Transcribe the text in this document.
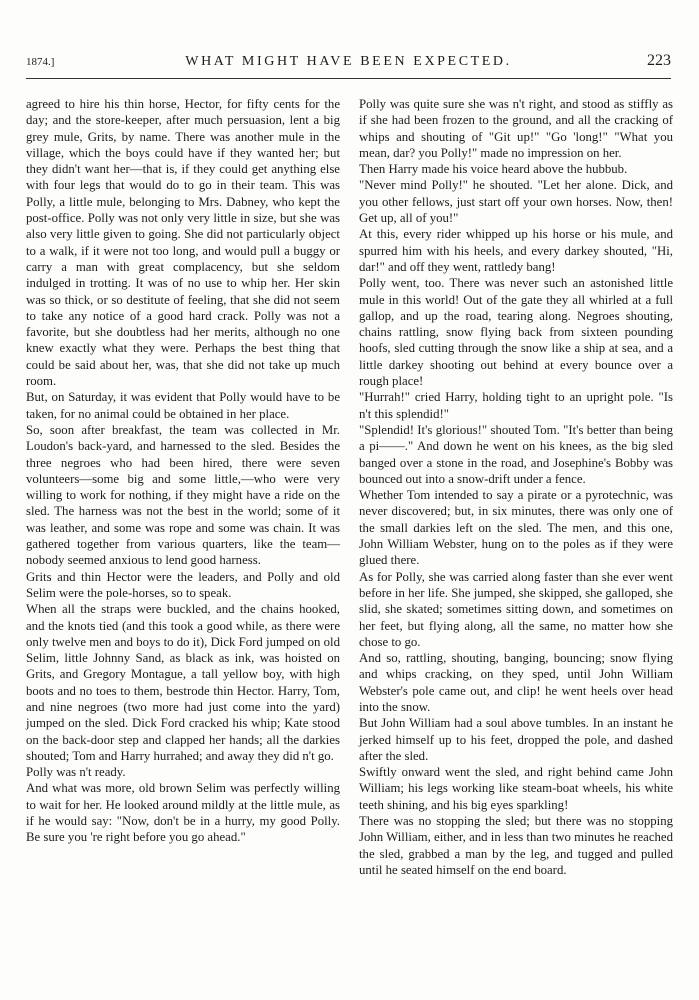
1874.]	WHAT MIGHT HAVE BEEN EXPECTED.	223

agreed to hire his thin horse, Hector, for fifty cents for the day; and the store-keeper, after much persuasion, lent a big grey mule, Grits, by name. There was another mule in the village, which the boys could have if they wanted her; but they didn't want her—that is, if they could get anything else with four legs that would do to go in their team. This was Polly, a little mule, belonging to Mrs. Dabney, who kept the post-office. Polly was not only very little in size, but she was also very little given to going. She did not particularly object to a walk, if it were not too long, and would pull a buggy or carry a man with great complacency, but she seldom indulged in trotting. It was of no use to whip her. Her skin was so thick, or so destitute of feeling, that she did not seem to take any notice of a good hard crack. Polly was not a favorite, but she doubtless had her merits, although no one knew exactly what they were. Perhaps the best thing that could be said about her, was, that she did not take up much room.

But, on Saturday, it was evident that Polly would have to be taken, for no animal could be obtained in her place.

So, soon after breakfast, the team was collected in Mr. Loudon's back-yard, and harnessed to the sled. Besides the three negroes who had been hired, there were seven volunteers—some big and some little,—who were very willing to work for nothing, if they might have a ride on the sled. The harness was not the best in the world; some of it was leather, and some was rope and some was chain. It was gathered together from various quarters, like the team—nobody seemed anxious to lend good harness.

Grits and thin Hector were the leaders, and Polly and old Selim were the pole-horses, so to speak.

When all the straps were buckled, and the chains hooked, and the knots tied (and this took a good while, as there were only twelve men and boys to do it), Dick Ford jumped on old Selim, little Johnny Sand, as black as ink, was hoisted on Grits, and Gregory Montague, a tall yellow boy, with high boots and no toes to them, bestrode thin Hector. Harry, Tom, and nine negroes (two more had just come into the yard) jumped on the sled. Dick Ford cracked his whip; Kate stood on the back-door step and clapped her hands; all the darkies shouted; Tom and Harry hurrahed; and away they did n't go.

Polly was n't ready.

And what was more, old brown Selim was perfectly willing to wait for her. He looked around mildly at the little mule, as if he would say: "Now, don't be in a hurry, my good Polly. Be sure you 're right before you go ahead."

Polly was quite sure she was n't right, and stood as stiffly as if she had been frozen to the ground, and all the cracking of whips and shouting of "Git up!" "Go 'long!" "What you mean, dar? you Polly!" made no impression on her.

Then Harry made his voice heard above the hubbub.

"Never mind Polly!" he shouted. "Let her alone. Dick, and you other fellows, just start off your own horses. Now, then! Get up, all of you!"

At this, every rider whipped up his horse or his mule, and spurred him with his heels, and every darkey shouted, "Hi, dar!" and off they went, rattledy bang!

Polly went, too. There was never such an astonished little mule in this world! Out of the gate they all whirled at a full gallop, and up the road, tearing along. Negroes shouting, chains rattling, snow flying back from sixteen pounding hoofs, sled cutting through the snow like a ship at sea, and a little darkey shooting out behind at every bounce over a rough place!

"Hurrah!" cried Harry, holding tight to an upright pole. "Is n't this splendid!"

"Splendid! It's glorious!" shouted Tom. "It's better than being a pi——." And down he went on his knees, as the big sled banged over a stone in the road, and Josephine's Bobby was bounced out into a snow-drift under a fence.

Whether Tom intended to say a pirate or a pyrotechnic, was never discovered; but, in six minutes, there was only one of the small darkies left on the sled. The men, and this one, John William Webster, hung on to the poles as if they were glued there.

As for Polly, she was carried along faster than she ever went before in her life. She jumped, she skipped, she galloped, she slid, she skated; sometimes sitting down, and sometimes on her feet, but flying along, all the same, no matter how she chose to go.

And so, rattling, shouting, banging, bouncing; snow flying and whips cracking, on they sped, until John William Webster's pole came out, and clip! he went heels over head into the snow.

But John William had a soul above tumbles. In an instant he jerked himself up to his feet, dropped the pole, and dashed after the sled.

Swiftly onward went the sled, and right behind came John William; his legs working like steam-boat wheels, his white teeth shining, and his big eyes sparkling!

There was no stopping the sled; but there was no stopping John William, either, and in less than two minutes he reached the sled, grabbed a man by the leg, and tugged and pulled until he seated himself on the end board.
